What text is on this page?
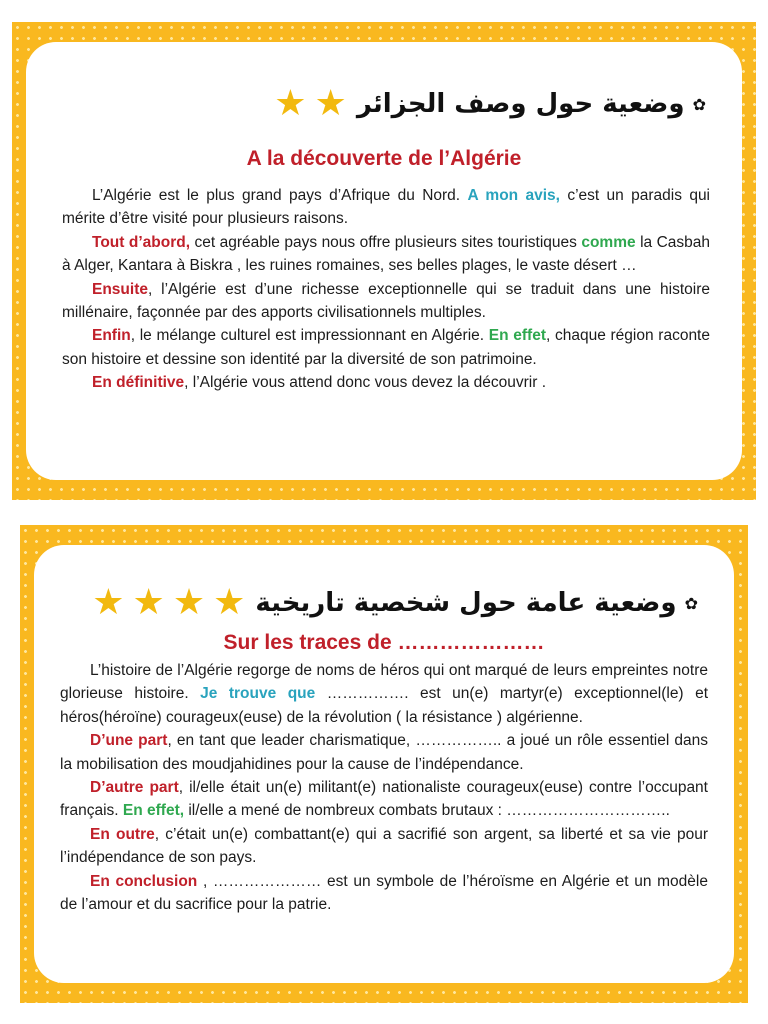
★ ★ وضعية حول وصف الجزائر ✿
A la découverte de l’Algérie

L’Algérie est le plus grand pays d’Afrique du Nord. A mon avis, c’est un paradis qui mérite d’être visité pour plusieurs raisons.

Tout d’abord, cet agréable pays nous offre plusieurs sites touristiques comme la Casbah à Alger, Kantara à Biskra , les ruines romaines, ses belles plages, le vaste désert …

Ensuite, l’Algérie est d’une richesse exceptionnelle qui se traduit dans une histoire millénaire, façonnée par des apports civilisationnels multiples.

Enfin, le mélange culturel est impressionnant en Algérie. En effet, chaque région raconte son histoire et dessine son identité par la diversité de son patrimoine.

En définitive, l’Algérie vous attend donc vous devez la découvrir .

★ ★ ★ ★ وضعية عامة حول شخصية تاريخية ✿
Sur les traces de …………………

L’histoire de l’Algérie regorge de noms de héros qui ont marqué de leurs empreintes notre glorieuse histoire. Je trouve que ……………. est un(e) martyr(e) exceptionnel(le) et héros(héroïne) courageux(euse) de la révolution ( la résistance ) algérienne.

D’une part, en tant que leader charismatique, …………….. a joué un rôle essentiel dans la mobilisation des moudjahidines pour la cause de l’indépendance.

D’autre part, il/elle était un(e) militant(e) nationaliste courageux(euse) contre l’occupant français. En effet, il/elle a mené de nombreux combats brutaux : …………………………..

En outre, c’était un(e) combattant(e) qui a sacrifié son argent, sa liberté et sa vie pour l’indépendance de son pays.

En conclusion , ………………… est un symbole de l’héroïsme en Algérie et un modèle de l’amour et du sacrifice pour la patrie.
